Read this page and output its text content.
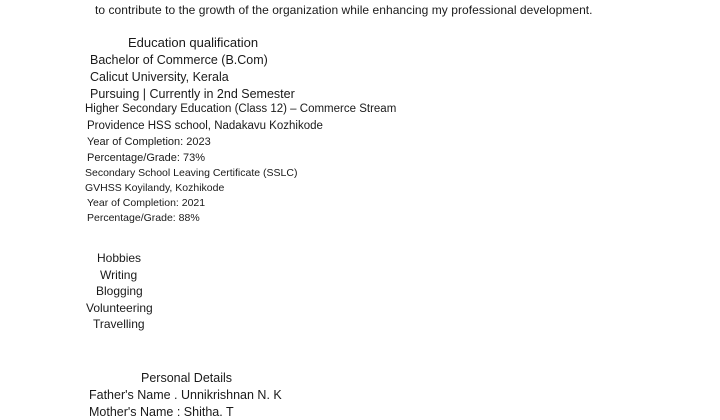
to contribute to the growth of the organization while enhancing my professional development.
Education qualification
Bachelor of Commerce (B.Com)
Calicut University, Kerala
Pursuing | Currently in 2nd Semester
Higher Secondary Education (Class 12) – Commerce Stream
Providence HSS school, Nadakavu Kozhikode
Year of Completion: 2023
Percentage/Grade: 73%
Secondary School Leaving Certificate (SSLC)
GVHSS Koyilandy, Kozhikode
Year of Completion: 2021
Percentage/Grade: 88%
Hobbies
Writing
Blogging
Volunteering
Travelling
Personal Details
Father's Name . Unnikrishnan N. K
Mother's Name : Shitha. T
